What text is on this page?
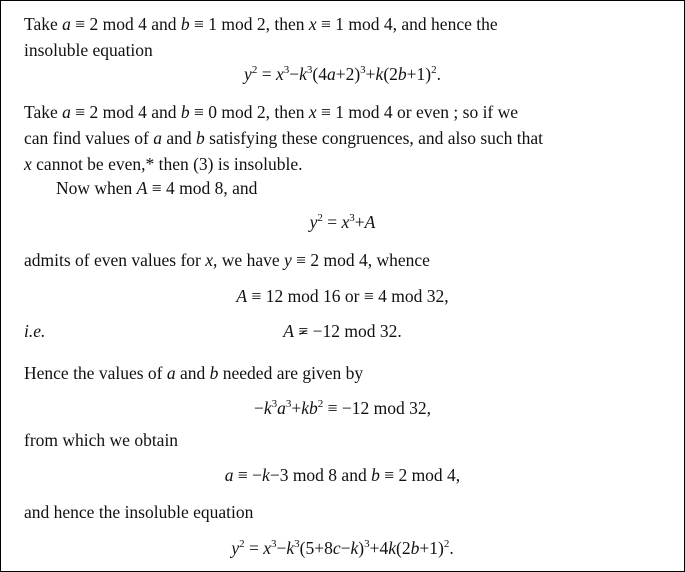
Take a ≡ 2 mod 4 and b ≡ 1 mod 2, then x ≡ 1 mod 4, and hence the
insoluble equation
$y^2 = x^3-k^3(4a+2)^3+k(2b+1)^2$.
Take a ≡ 2 mod 4 and b ≡ 0 mod 2, then x ≡ 1 mod 4 or even ; so if we
can find values of a and b satisfying these congruences, and also such that
x cannot be even,* then (3) is insoluble.
Now when A ≡ 4 mod 8, and
$y^2 = x^3+A$
admits of even values for x, we have y ≡ 2 mod 4, whence
A ≡ 12 mod 16 or ≡ 4 mod 32,
i.e.	A ≡ −12 mod 32.
Hence the values of a and b needed are given by
$-k^3a^3+kb^2 \equiv -12$ mod 32,
from which we obtain
a ≡ −k−3 mod 8 and b ≡ 2 mod 4,
and hence the insoluble equation
$y^2 = x^3-k^3(5+8c-k)^3+4k(2b+1)^2$.
